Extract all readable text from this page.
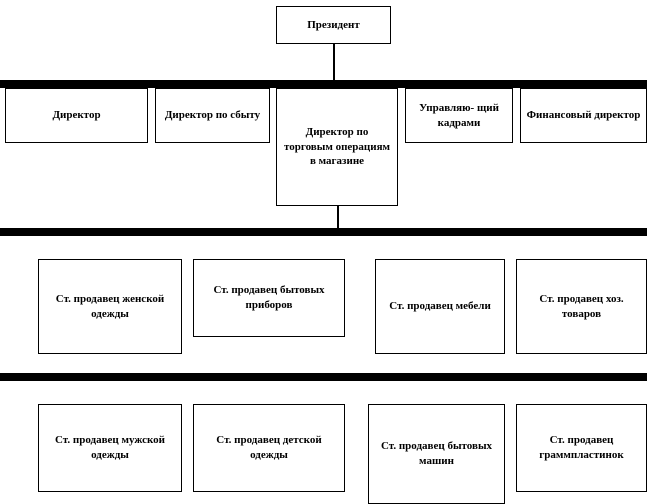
Президент
Директор	Директор по сбыту
Директор по торговым операциям в магазине
Управляю- щий кадрами
Финансовый директор
Ст. продавец женской одежды
Ст. продавец бытовых приборов	Ст. продавец мебели
Ст. продавец хоз. товаров
Ст. продавец мужской одежды
Ст. продавец детской одежды
Ст. продавец бытовых машин
Ст. продавец граммпластинок
